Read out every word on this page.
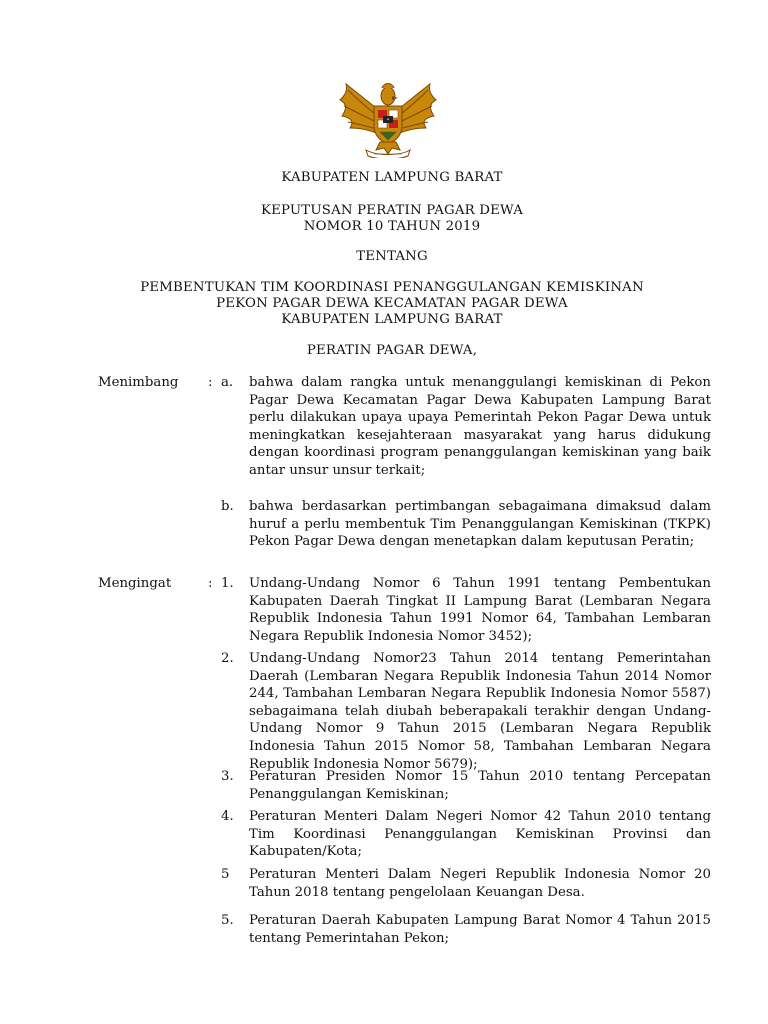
KABUPATEN LAMPUNG BARAT
KEPUTUSAN PERATIN PAGAR DEWA
NOMOR 10 TAHUN 2019
TENTANG
PEMBENTUKAN TIM KOORDINASI PENANGGULANGAN KEMISKINAN
PEKON PAGAR DEWA KECAMATAN PAGAR DEWA
KABUPATEN LAMPUNG BARAT
PERATIN PAGAR DEWA,
Menimbang : a.	bahwa dalam rangka untuk menanggulangi kemiskinan di Pekon Pagar Dewa Kecamatan Pagar Dewa Kabupaten Lampung Barat perlu dilakukan upaya upaya Pemerintah Pekon Pagar Dewa untuk meningkatkan kesejahteraan masyarakat yang harus didukung dengan koordinasi program penanggulangan kemiskinan yang baik antar unsur unsur terkait;
b.	bahwa berdasarkan pertimbangan sebagaimana dimaksud dalam huruf a perlu membentuk Tim Penanggulangan Kemiskinan (TKPK) Pekon Pagar Dewa dengan menetapkan dalam keputusan Peratin;
Mengingat	: 1.	Undang-Undang Nomor 6 Tahun 1991 tentang Pembentukan Kabupaten Daerah Tingkat II Lampung Barat (Lembaran Negara Republik Indonesia Tahun 1991 Nomor 64, Tambahan Lembaran Negara Republik Indonesia Nomor 3452);
2.	Undang-Undang Nomor23 Tahun 2014 tentang Pemerintahan Daerah (Lembaran Negara Republik Indonesia Tahun 2014 Nomor 244, Tambahan Lembaran Negara Republik Indonesia Nomor 5587) sebagaimana telah diubah beberapakali terakhir dengan Undang-Undang Nomor 9 Tahun 2015 (Lembaran Negara Republik Indonesia Tahun 2015 Nomor 58, Tambahan Lembaran Negara Republik Indonesia Nomor 5679);
3.	Peraturan Presiden Nomor 15 Tahun 2010 tentang Percepatan Penanggulangan Kemiskinan;
4.	Peraturan Menteri Dalam Negeri Nomor 42 Tahun 2010 tentang Tim Koordinasi Penanggulangan Kemiskinan Provinsi dan Kabupaten/Kota;
5	Peraturan Menteri Dalam Negeri Republik Indonesia Nomor 20 Tahun 2018 tentang pengelolaan Keuangan Desa.
5.	Peraturan Daerah Kabupaten Lampung Barat Nomor 4 Tahun 2015 tentang Pemerintahan Pekon;
